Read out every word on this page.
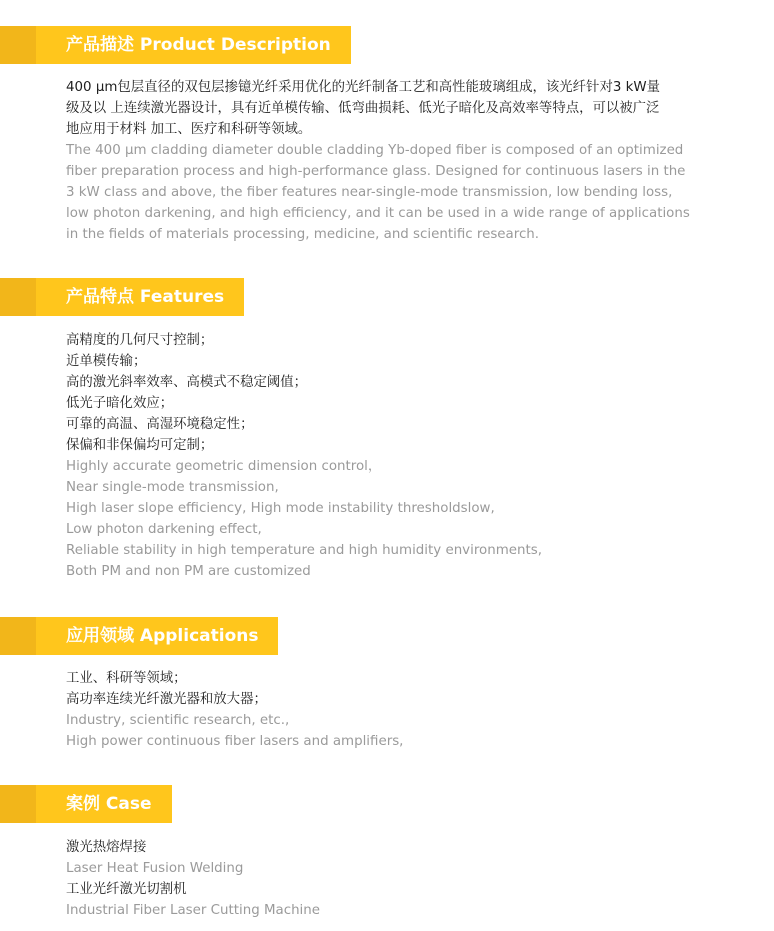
产品描述 Product Description

400 μm包层直径的双包层掺镱光纤采用优化的光纤制备工艺和高性能玻璃组成，该光纤针对3 kW量
级及以 上连续激光器设计，具有近单模传输、低弯曲损耗、低光子暗化及高效率等特点，可以被广泛
地应用于材料 加工、医疗和科研等领域。

The 400 μm cladding diameter double cladding Yb-doped fiber is composed of an optimized
fiber preparation process and high-performance glass. Designed for continuous lasers in the
3 kW class and above, the fiber features near-single-mode transmission, low bending loss,
low photon darkening, and high efficiency, and it can be used in a wide range of applications
in the fields of materials processing, medicine, and scientific research.

产品特点 Features

高精度的几何尺寸控制；
近单模传输；
高的激光斜率效率、高模式不稳定阈值；
低光子暗化效应；
可靠的高温、高湿环境稳定性；
保偏和非保偏均可定制；

Highly accurate geometric dimension control，
Near single-mode transmission,
High laser slope efficiency, High mode instability thresholdslow,
Low photon darkening effect,
Reliable stability in high temperature and high humidity environments,
Both PM and non PM are customized

应用领域 Applications

工业、科研等领域；
高功率连续光纤激光器和放大器；

Industry, scientific research, etc.,
High power continuous fiber lasers and amplifiers,

案例 Case
激光热熔焊接
Laser Heat Fusion Welding
工业光纤激光切割机
Industrial Fiber Laser Cutting Machine
